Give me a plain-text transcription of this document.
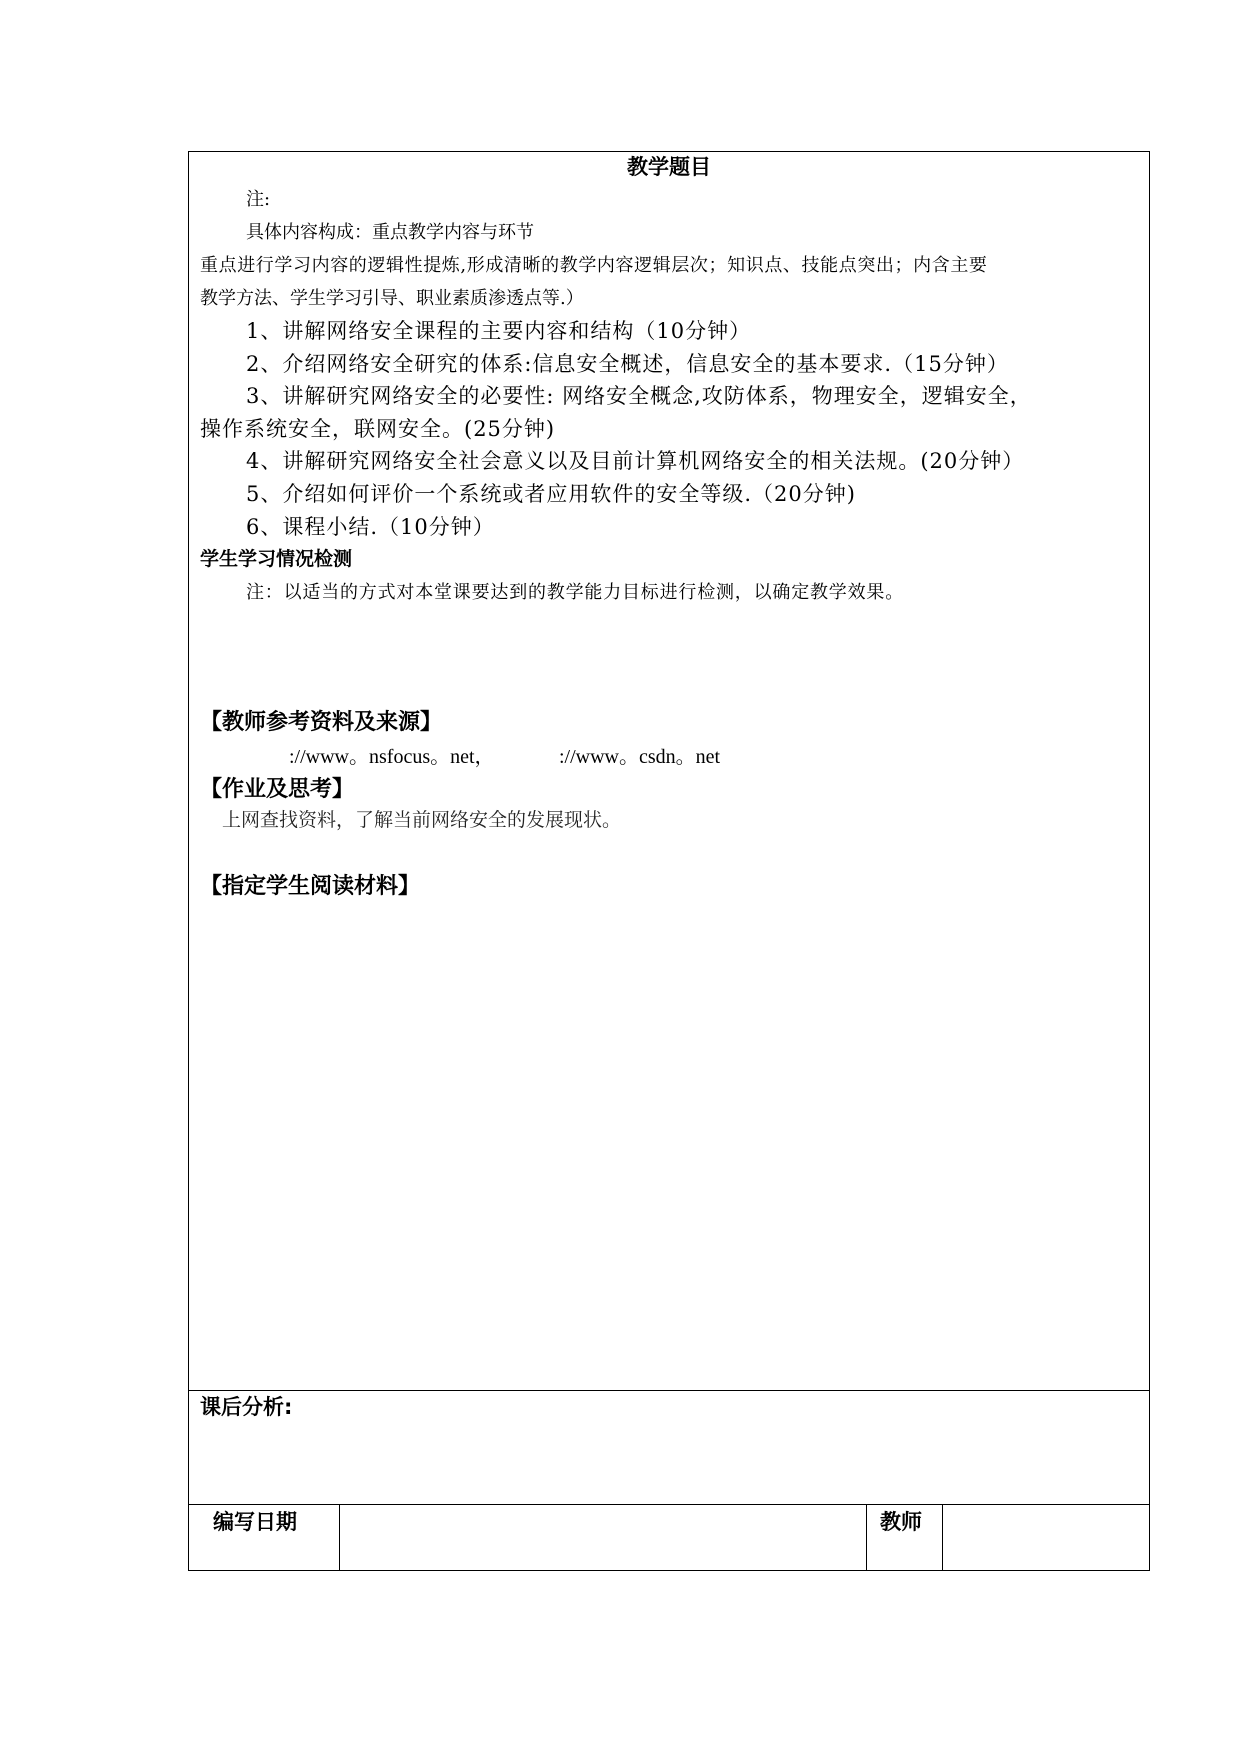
教学题目
注:
具体内容构成：重点教学内容与环节
重点进行学习内容的逻辑性提炼,形成清晰的教学内容逻辑层次；知识点、技能点突出；内含主要
教学方法、学生学习引导、职业素质渗透点等.）
1、讲解网络安全课程的主要内容和结构（10分钟）
2、介绍网络安全研究的体系:信息安全概述，信息安全的基本要求.（15分钟）
3、讲解研究网络安全的必要性: 网络安全概念,攻防体系，物理安全，逻辑安全，
操作系统安全，联网安全。(25分钟)
4、讲解研究网络安全社会意义以及目前计算机网络安全的相关法规。(20分钟）
5、介绍如何评价一个系统或者应用软件的安全等级.（20分钟)
6、课程小结.（10分钟）
学生学习情况检测
注：以适当的方式对本堂课要达到的教学能力目标进行检测，以确定教学效果。
【教师参考资料及来源】
://www。nsfocus。net，	://www。csdn。net
【作业及思考】
上网查找资料，了解当前网络安全的发展现状。
【指定学生阅读材料】
课后分析:
编写日期	教师
